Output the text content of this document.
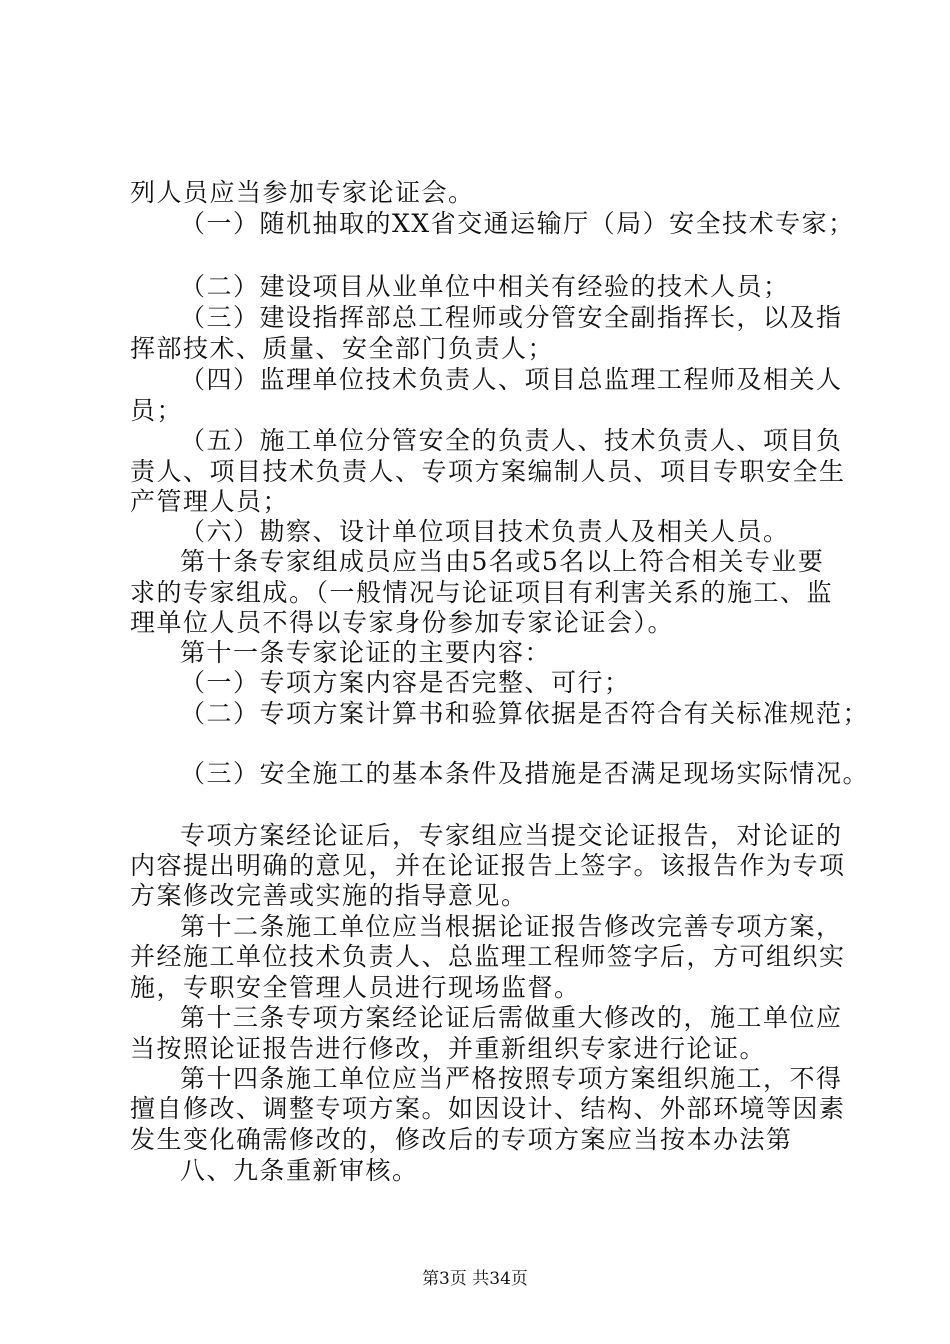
列人员应当参加专家论证会。
（一）随机抽取的XX省交通运输厅（局）安全技术专家；
（二）建设项目从业单位中相关有经验的技术人员；
（三）建设指挥部总工程师或分管安全副指挥长，以及指
挥部技术、质量、安全部门负责人；
（四）监理单位技术负责人、项目总监理工程师及相关人
员；
（五）施工单位分管安全的负责人、技术负责人、项目负
责人、项目技术负责人、专项方案编制人员、项目专职安全生
产管理人员；
（六）勘察、设计单位项目技术负责人及相关人员。
第十条专家组成员应当由5名或5名以上符合相关专业要
求的专家组成。（一般情况与论证项目有利害关系的施工、监
理单位人员不得以专家身份参加专家论证会）。
第十一条专家论证的主要内容：
（一）专项方案内容是否完整、可行；
（二）专项方案计算书和验算依据是否符合有关标准规范；
（三）安全施工的基本条件及措施是否满足现场实际情况。
专项方案经论证后，专家组应当提交论证报告，对论证的
内容提出明确的意见，并在论证报告上签字。该报告作为专项
方案修改完善或实施的指导意见。
第十二条施工单位应当根据论证报告修改完善专项方案，
并经施工单位技术负责人、总监理工程师签字后，方可组织实
施，专职安全管理人员进行现场监督。
第十三条专项方案经论证后需做重大修改的，施工单位应
当按照论证报告进行修改，并重新组织专家进行论证。
第十四条施工单位应当严格按照专项方案组织施工，不得
擅自修改、调整专项方案。如因设计、结构、外部环境等因素
发生变化确需修改的，修改后的专项方案应当按本办法第
八、九条重新审核。
第3页 共34页
